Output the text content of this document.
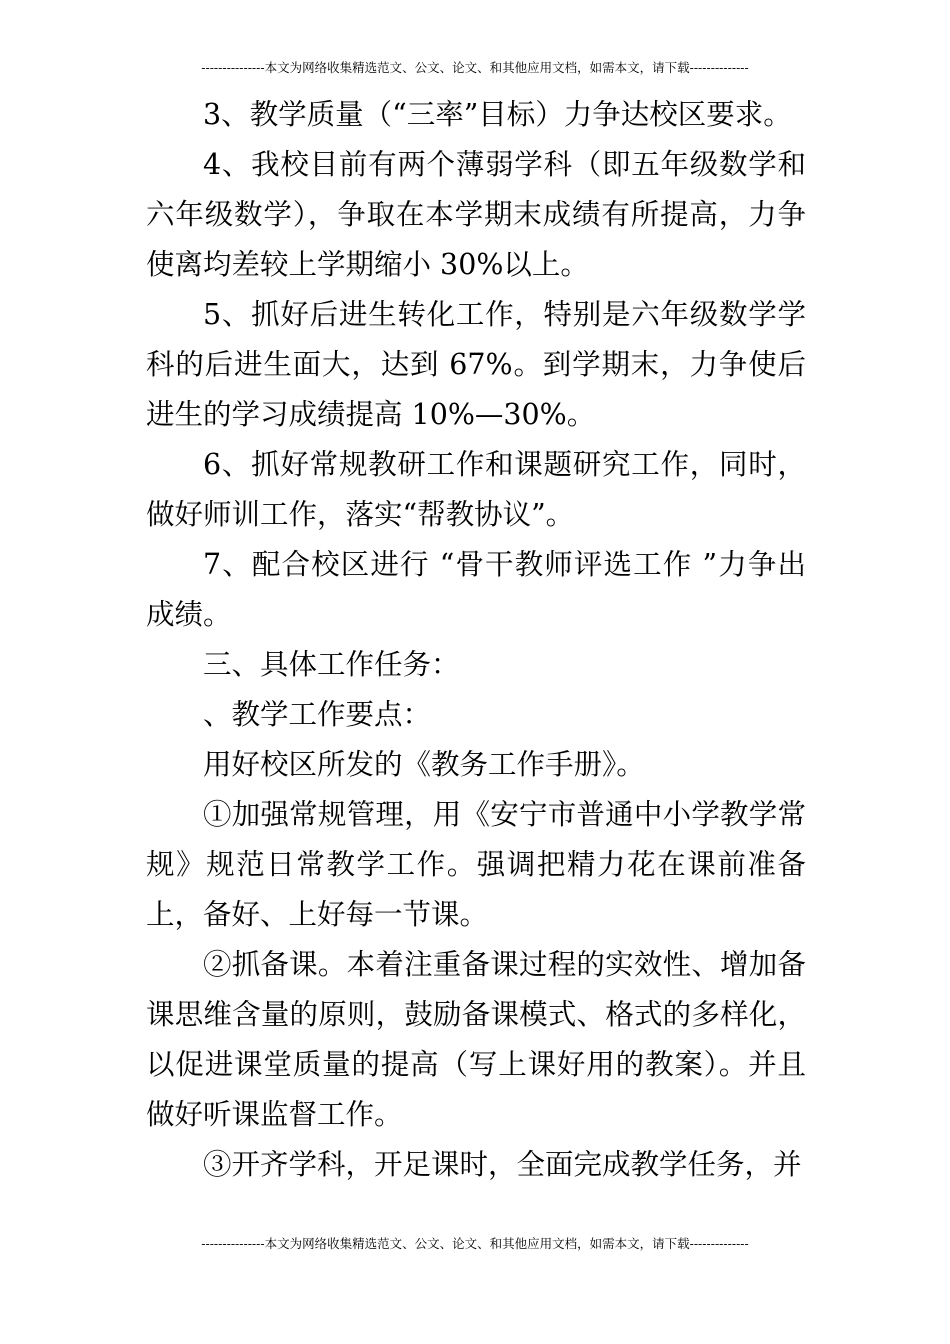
---------------本文为网络收集精选范文、公文、论文、和其他应用文档，如需本文，请下载--------------

3、教学质量（“三率”目标）力争达校区要求。

4、我校目前有两个薄弱学科（即五年级数学和六年级数学），争取在本学期末成绩有所提高，力争使离均差较上学期缩小 30%以上。

5、抓好后进生转化工作，特别是六年级数学学科的后进生面大，达到 67%。到学期末，力争使后进生的学习成绩提高 10%—30%。

6、抓好常规教研工作和课题研究工作，同时，做好师训工作，落实“帮教协议”。

7、配合校区进行 “骨干教师评选工作 ”力争出成绩。

三、具体工作任务：

、教学工作要点：

用好校区所发的《教务工作手册》。

①加强常规管理，用《安宁市普通中小学教学常规》规范日常教学工作。强调把精力花在课前准备上，备好、上好每一节课。

②抓备课。本着注重备课过程的实效性、增加备课思维含量的原则，鼓励备课模式、格式的多样化，以促进课堂质量的提高（写上课好用的教案）。并且做好听课监督工作。

③开齐学科，开足课时，全面完成教学任务，并

---------------本文为网络收集精选范文、公文、论文、和其他应用文档，如需本文，请下载--------------
